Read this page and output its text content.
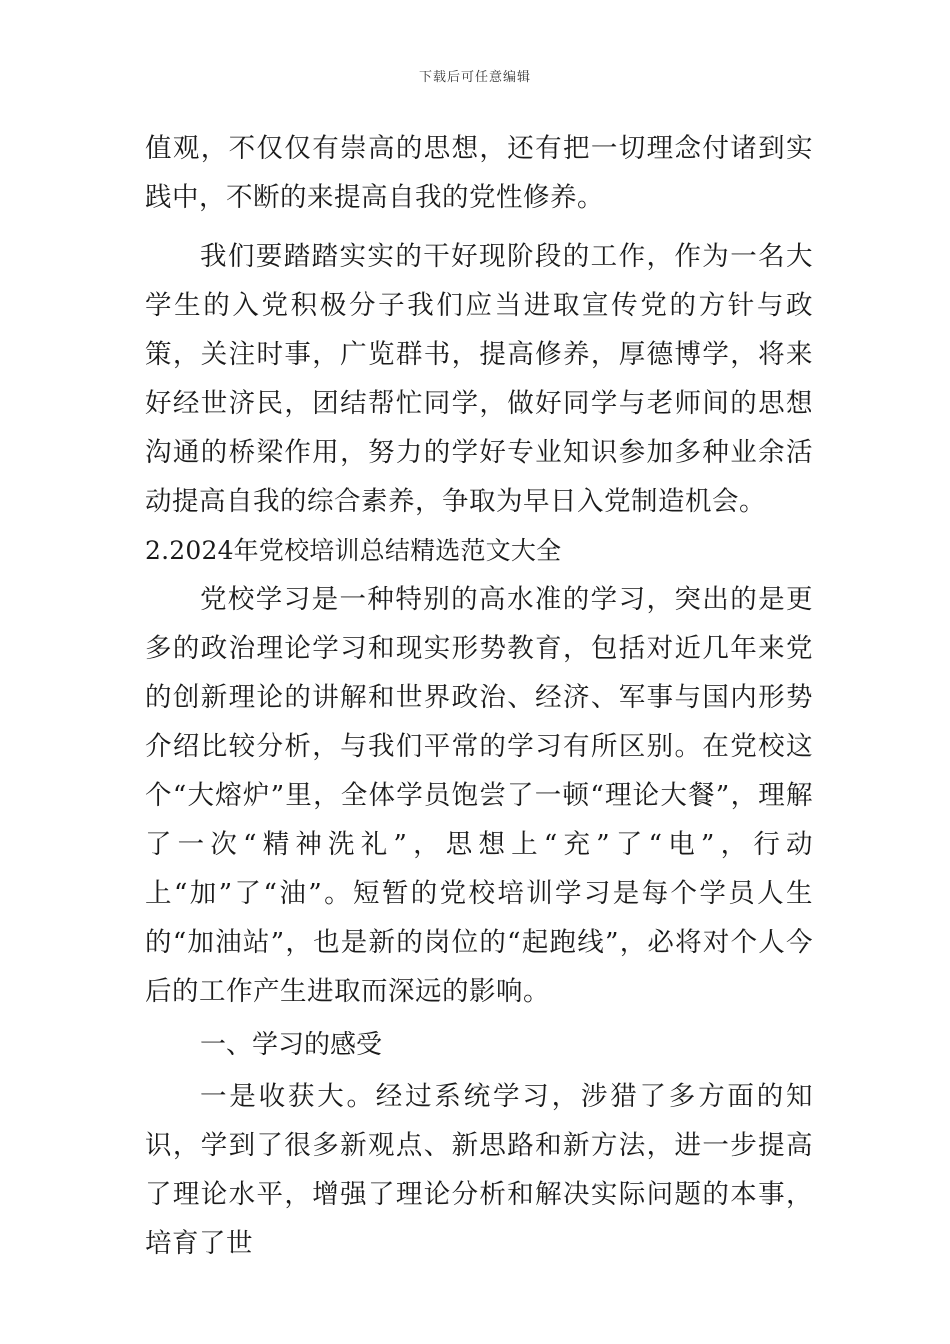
下载后可任意编辑

值观，不仅仅有崇高的思想，还有把一切理念付诸到实践中，不断的来提高自我的党性修养。

我们要踏踏实实的干好现阶段的工作，作为一名大学生的入党积极分子我们应当进取宣传党的方针与政策，关注时事，广览群书，提高修养，厚德博学，将来好经世济民，团结帮忙同学，做好同学与老师间的思想沟通的桥梁作用，努力的学好专业知识参加多种业余活动提高自我的综合素养，争取为早日入党制造机会。

2.2024年党校培训总结精选范文大全

党校学习是一种特别的高水准的学习，突出的是更多的政治理论学习和现实形势教育，包括对近几年来党的创新理论的讲解和世界政治、经济、军事与国内形势介绍比较分析，与我们平常的学习有所区别。在党校这个“大熔炉”里，全体学员饱尝了一顿“理论大餐”，理解了一次“精神洗礼”，思想上“充”了“电”，行动上“加”了“油”。短暂的党校培训学习是每个学员人生的“加油站”，也是新的岗位的“起跑线”，必将对个人今后的工作产生进取而深远的影响。

一、学习的感受

一是收获大。经过系统学习，涉猎了多方面的知识，学到了很多新观点、新思路和新方法，进一步提高了理论水平，增强了理论分析和解决实际问题的本事，培育了世
